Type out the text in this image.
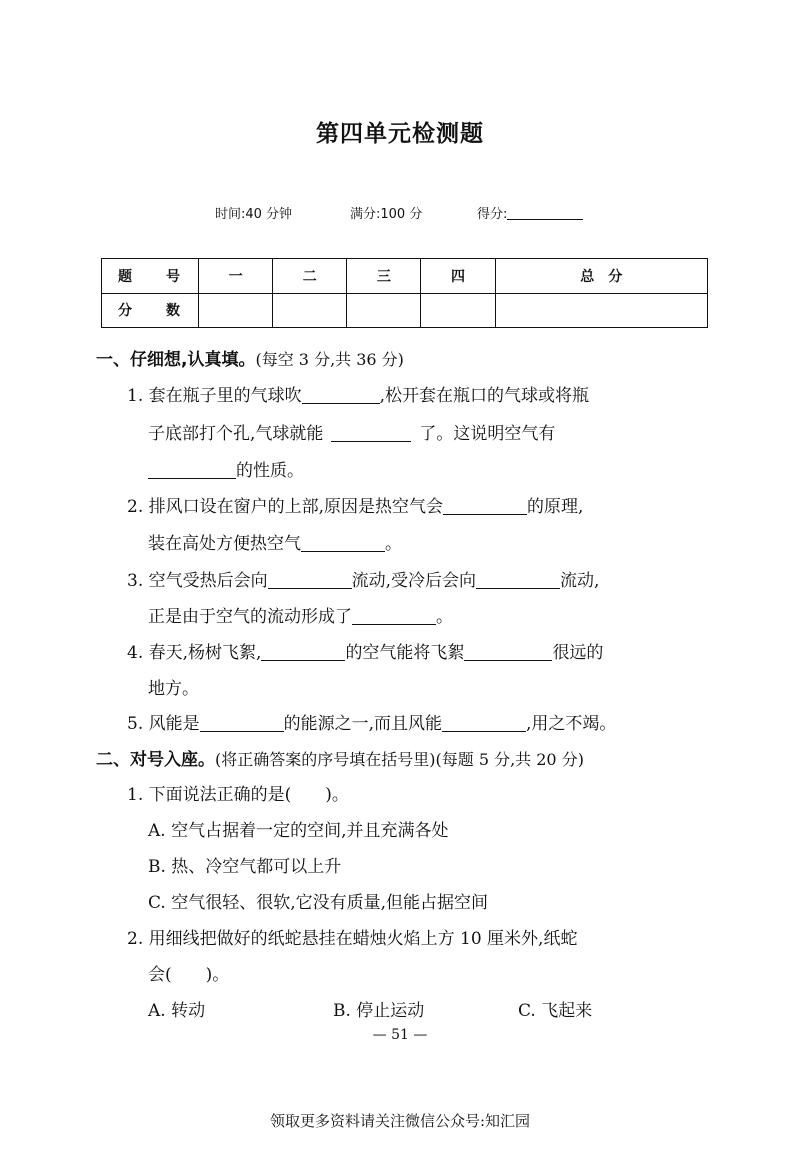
第四单元检测题
时间:40 分钟	满分:100 分	得分:
题　号	一	二	三	四	总　分
分　数					
一、仔细想,认真填。(每空 3 分,共 36 分)
1. 套在瓶子里的气球吹	,松开套在瓶口的气球或将瓶
子底部打个孔,气球就能	了。这说明空气有
的性质。
2. 排风口设在窗户的上部,原因是热空气会	的原理,
装在高处方便热空气	。
3. 空气受热后会向	流动,受冷后会向	流动,
正是由于空气的流动形成了	。
4. 春天,杨树飞絮,	的空气能将飞絮	很远的
地方。
5. 风能是	的能源之一,而且风能	,用之不竭。
二、对号入座。(将正确答案的序号填在括号里)(每题 5 分,共 20 分)
1. 下面说法正确的是(　　)。
A. 空气占据着一定的空间,并且充满各处
B. 热、冷空气都可以上升
C. 空气很轻、很软,它没有质量,但能占据空间
2. 用细线把做好的纸蛇悬挂在蜡烛火焰上方 10 厘米外,纸蛇
会(　　)。
A. 转动	B. 停止运动	C. 飞起来
— 51 —
领取更多资料请关注微信公众号:知汇园
